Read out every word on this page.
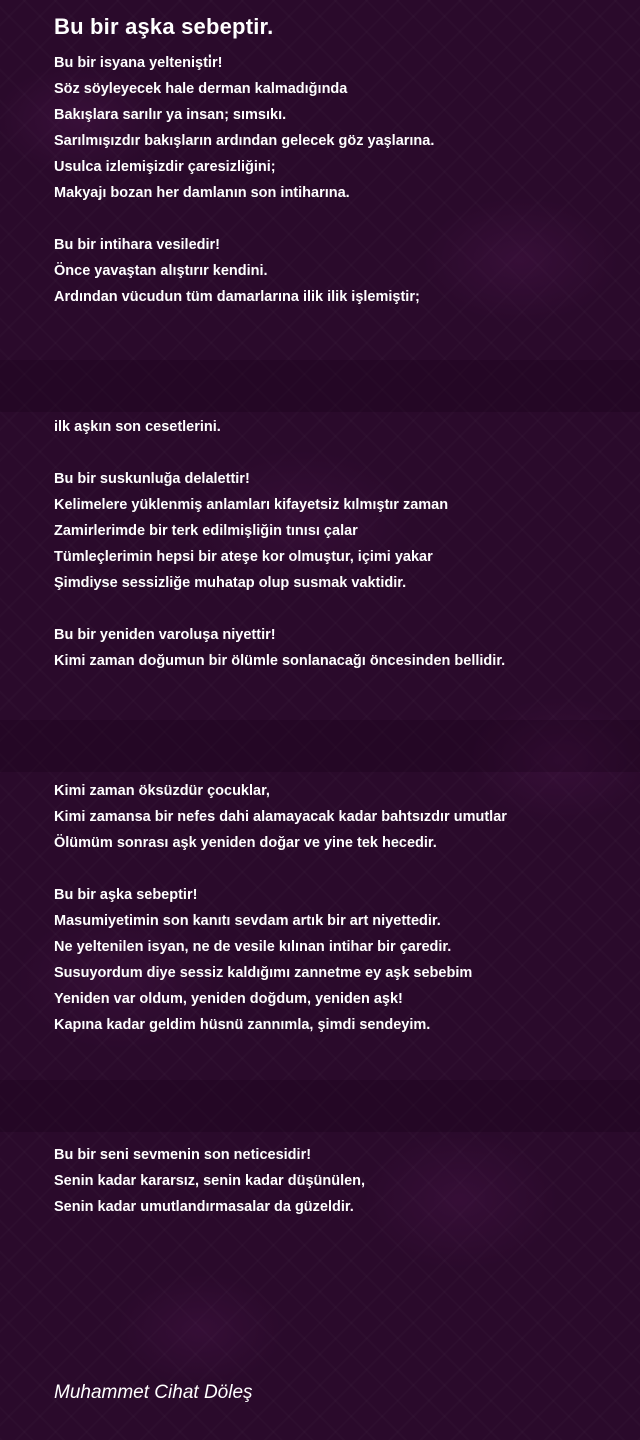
Bu bir aşka sebeptir.
Bu bir isyana yeltenişti̇r!
Söz söyleyecek hale derman kalmadığında
Bakışlara sarılır ya insan; sımsıkı.
Sarılmışızdır bakışların ardından gelecek göz yaşlarına.
Usulca izlemişizdir çaresizliğini;
Makyajı bozan her damlanın son intiharına.
Bu bir intihara vesiledir!
Önce yavaştan alıştırır kendini.
Ardından vücudun tüm damarlarına ilik ilik işlemiştir;
ilk aşkın son cesetlerini.
Bu bir suskunluğa delalettir!
Kelimelere yüklenmiş anlamları kifayetsiz kılmıştır zaman
Zamirlerimde bir terk edilmişliğin tınısı çalar
Tümleçlerimin hepsi bir ateşe kor olmuştur, içimi yakar
Şimdiyse sessizliğe muhatap olup susmak vaktidir.
Bu bir yeniden varoluşa niyettir!
Kimi zaman doğumun bir ölümle sonlanacağı öncesinden bellidir.
Kimi zaman öksüzdür çocuklar,
Kimi zamansa bir nefes dahi alamayacak kadar bahtsızdır umutlar
Ölümüm sonrası aşk yeniden doğar ve yine tek hecedir.
Bu bir aşka sebeptir!
Masumiyetimin son kanıtı sevdam artık bir art niyettedir.
Ne yeltenilen isyan, ne de vesile kılınan intihar bir çaredir.
Susuyordum diye sessiz kaldığımı zannetme ey aşk sebebim
Yeniden var oldum, yeniden doğdum, yeniden aşk!
Kapına kadar geldim hüsnü zannımla, şimdi sendeyim.
Bu bir seni sevmenin son neticesidir!
Senin kadar kararsız, senin kadar düşünülen,
Senin kadar umutlandırmasalar da güzeldir.
Muhammet Cihat Döleş
